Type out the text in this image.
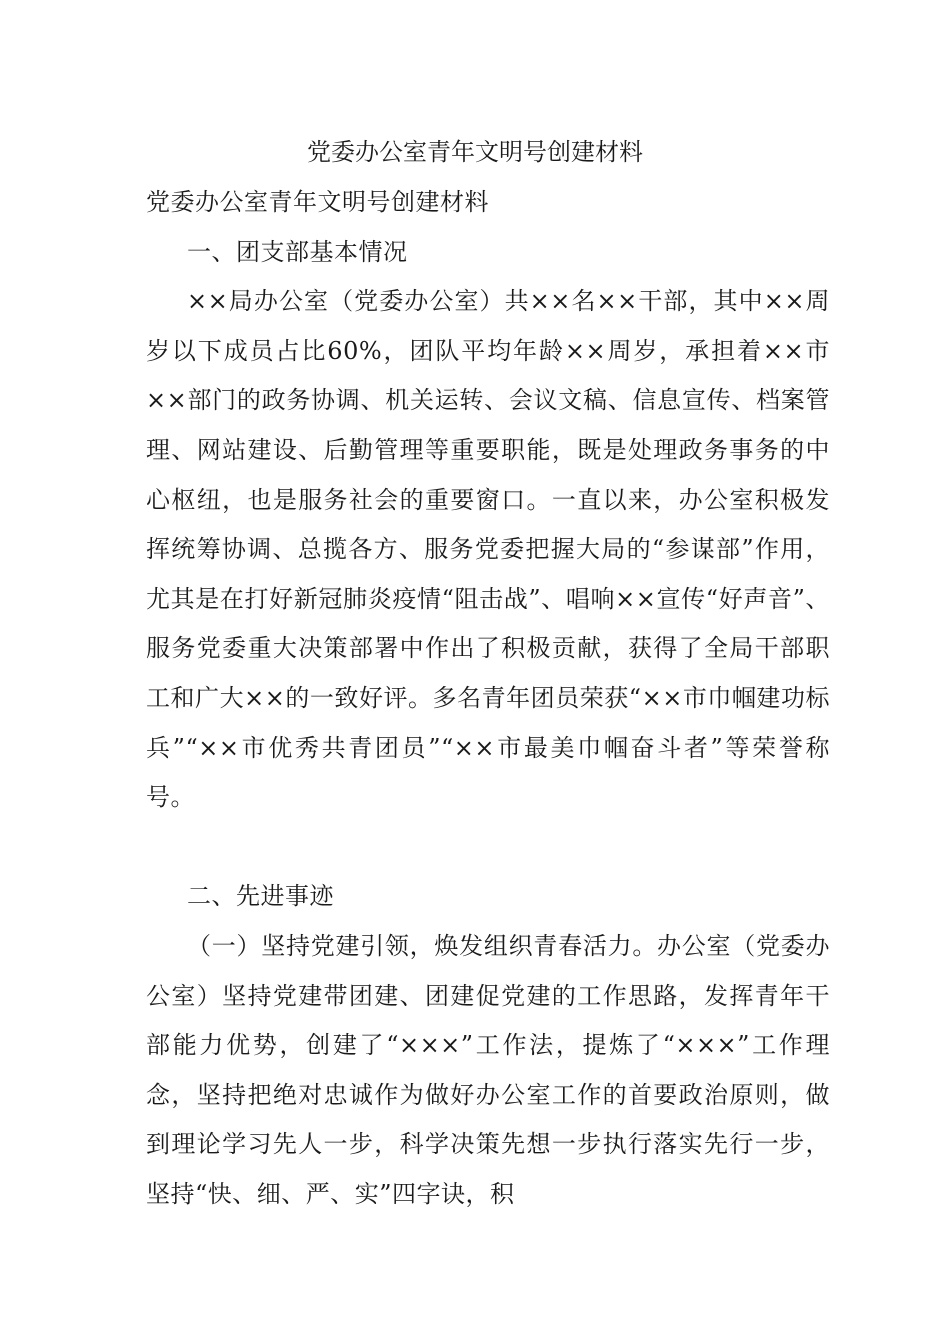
党委办公室青年文明号创建材料

党委办公室青年文明号创建材料

一、团支部基本情况

××局办公室（党委办公室）共××名××干部，其中××周岁以下成员占比60%，团队平均年龄××周岁，承担着××市××部门的政务协调、机关运转、会议文稿、信息宣传、档案管理、网站建设、后勤管理等重要职能，既是处理政务事务的中心枢纽，也是服务社会的重要窗口。一直以来，办公室积极发挥统筹协调、总揽各方、服务党委把握大局的“参谋部”作用，尤其是在打好新冠肺炎疫情“阻击战”、唱响××宣传“好声音”、服务党委重大决策部署中作出了积极贡献，获得了全局干部职工和广大××的一致好评。多名青年团员荣获“××市巾帼建功标兵”“××市优秀共青团员”“××市最美巾帼奋斗者”等荣誉称号。

二、先进事迹

（一）坚持党建引领，焕发组织青春活力。办公室（党委办公室）坚持党建带团建、团建促党建的工作思路，发挥青年干部能力优势，创建了“×××”工作法，提炼了“×××”工作理念，坚持把绝对忠诚作为做好办公室工作的首要政治原则，做到理论学习先人一步，科学决策先想一步执行落实先行一步，坚持“快、细、严、实”四字诀，积
